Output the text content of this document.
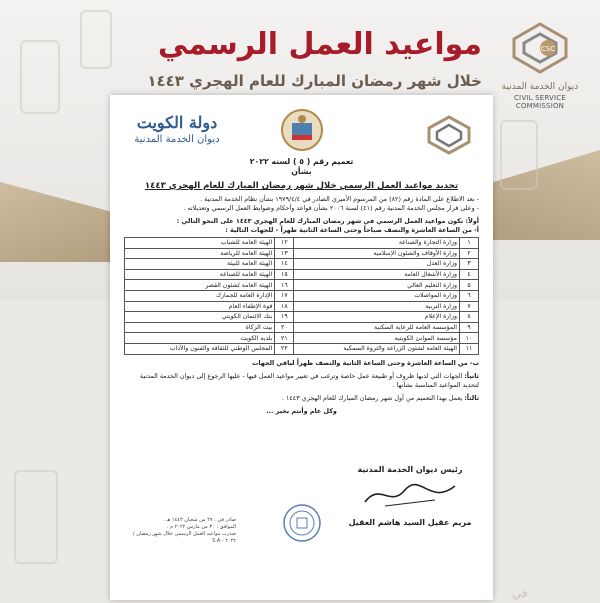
مواعيد العمل الرسمي
خلال شهر رمضان المبارك للعام الهجري ١٤٤٣
CSC
ديوان الخدمة المدنية
CIVIL SERVICE COMMISSION
دولة الكويت
ديوان الخدمة المدنية
تعميم رقم ( ٥ ) لسنه ٢٠٢٢
بشأن
تحديد مواعيد العمل الرسمي خلال شهر رمضان المبارك للعام الهجري ١٤٤٣
- بعد الاطلاع على المادة رقم (٨٢) من المرسوم الأميري الصادر في ١٩٧٩/٤/٤ بشأن نظام الخدمة المدنية .
- وعلى قرار مجلس الخدمة المدنية رقم (٤١) لسنة ٢٠٠٦ بشأن قواعد وأحكام وضوابط العمل الرسمي وتعديلاته .
أولاً: تكون مواعيد العمل الرسمي في شهر رمضان المبارك للعام الهجري ١٤٤٣ على النحو التالي :
أ- من الساعة العاشرة والنصف صباحاً وحتى الساعة الثانية ظهراً - للجهات التالية :
١	وزارة التجارة والصناعة	١٢	الهيئة العامة للشباب
٢	وزارة الأوقاف والشئون الإسلامية	١٣	الهيئة العامة للرياضة
٣	وزارة العدل	١٤	الهيئة العامة للبيئة
٤	وزارة الأشغال العامة	١٥	الهيئة العامة للصناعة
٥	وزارة التعليم العالي	١٦	الهيئة العامة لشئون القصر
٦	وزارة المواصلات	١٧	الإدارة العامة للجمارك
٧	وزارة التربية	١٨	قوة الإطفاء العام
٨	وزارة الإعلام	١٩	بنك الائتمان الكويتي
٩	المؤسسة العامة للرعاية السكنية	٢٠	بيت الزكاة
١٠	مؤسسة الموانئ الكويتية	٢١	بلدية الكويت
١١	الهيئة العامة لشئون الزراعة والثروة السمكية	٢٢	المجلس الوطني للثقافة والفنون والآداب
ب- من الساعة العاشرة وحتى الساعة الثانية والنصف ظهراً لباقي الجهات
ثانياً: الجهات التي لديها ظروف أو طبيعة عمل خاصة وترغب في تغيير مواعيد العمل فيها - عليها الرجوع إلى ديوان الخدمة المدنية لتحديد المواعيد المناسبة بشأنها .
ثالثاً: يعمل بهذا التعميم من أول شهر رمضان المبارك للعام الهجري ١٤٤٣ .
وكل عام وأنتم بخير ...
رئيس ديوان الخدمة المدنية
مريم عقيل السيد هاشم العقيل
صادر في : ٢٧ من شعبان ١٤٤٣ هـ .
الموافق : ٣٠ من مارس ٢٠٢٢ م .
صدرت مواعيد العمل الرسمي خلال شهر رمضان / ٢٠٢٢ - S.A
في
